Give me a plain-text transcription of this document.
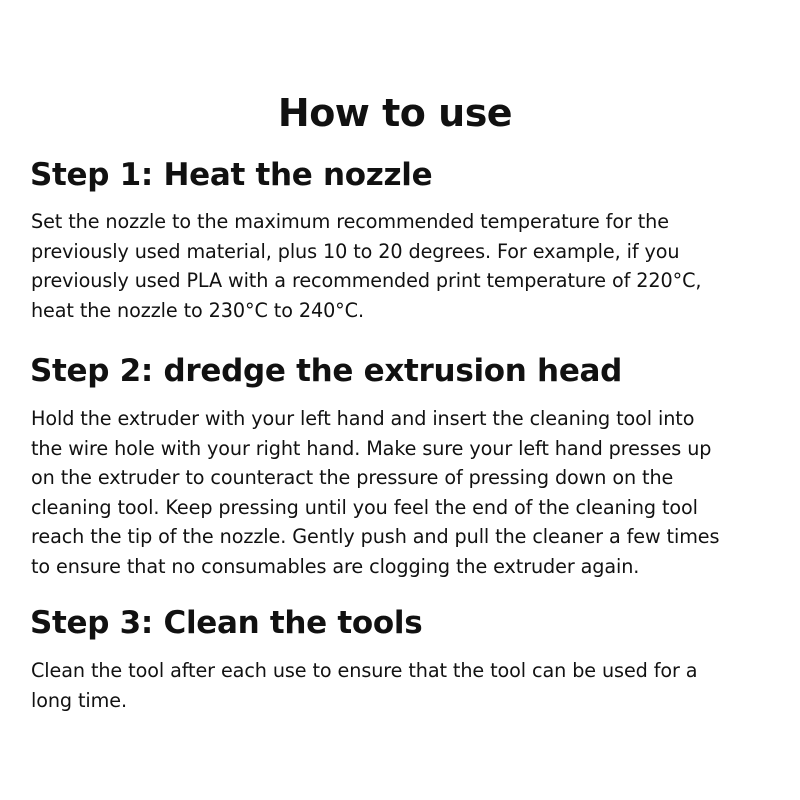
How to use
Step 1: Heat the nozzle

Set the nozzle to the maximum recommended temperature for the
previously used material, plus 10 to 20 degrees. For example, if you
previously used PLA with a recommended print temperature of 220°C,
heat the nozzle to 230°C to 240°C.

Step 2: dredge the extrusion head

Hold the extruder with your left hand and insert the cleaning tool into
the wire hole with your right hand. Make sure your left hand presses up
on the extruder to counteract the pressure of pressing down on the
cleaning tool. Keep pressing until you feel the end of the cleaning tool
reach the tip of the nozzle. Gently push and pull the cleaner a few times
to ensure that no consumables are clogging the extruder again.

Step 3: Clean the tools

Clean the tool after each use to ensure that the tool can be used for a
long time.
